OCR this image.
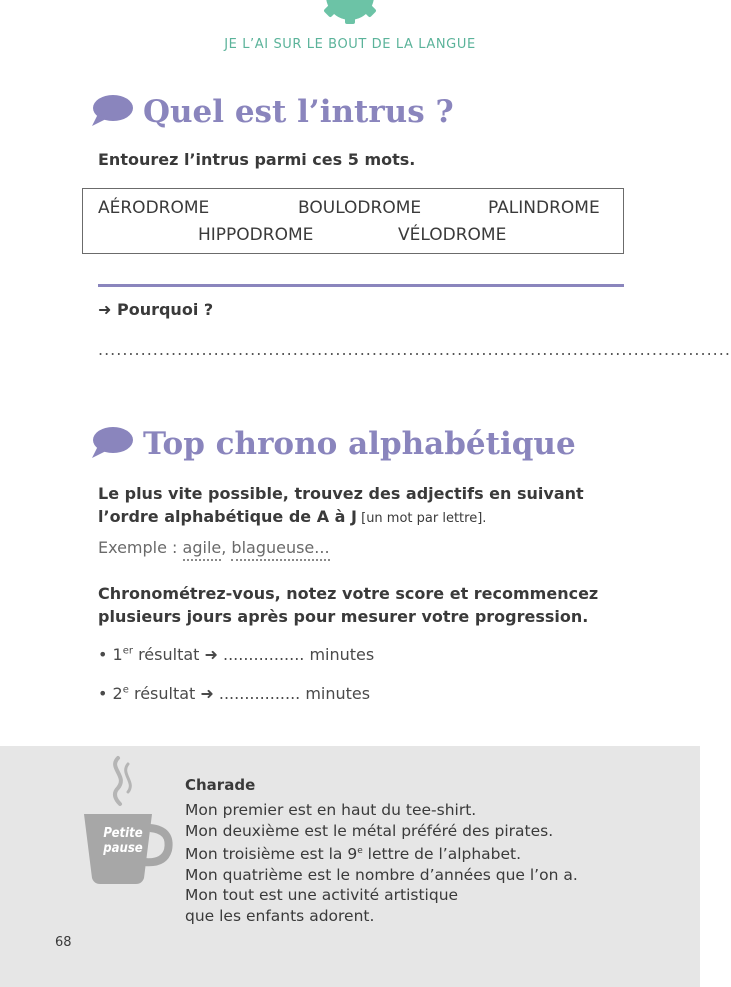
JE L’AI SUR LE BOUT DE LA LANGUE
Quel est l’intrus ?
Entourez l’intrus parmi ces 5 mots.
AÉRODROME	BOULODROME	PALINDROME
HIPPODROME	VÉLODROME
➜ Pourquoi ?
........................................................................................................
Top chrono alphabétique
Le plus vite possible, trouvez des adjectifs en suivant l’ordre alphabétique de A à J [un mot par lettre].
Exemple : agile, blagueuse...
Chronométrez-vous, notez votre score et recommencez plusieurs jours après pour mesurer votre progression.
• 1er résultat ➜ ................ minutes
• 2e résultat ➜ ................ minutes
Petite
pause
Charade
Mon premier est en haut du tee-shirt.
Mon deuxième est le métal préféré des pirates.
Mon troisième est la 9e lettre de l’alphabet.
Mon quatrième est le nombre d’années que l’on a.
Mon tout est une activité artistique
que les enfants adorent.
68
